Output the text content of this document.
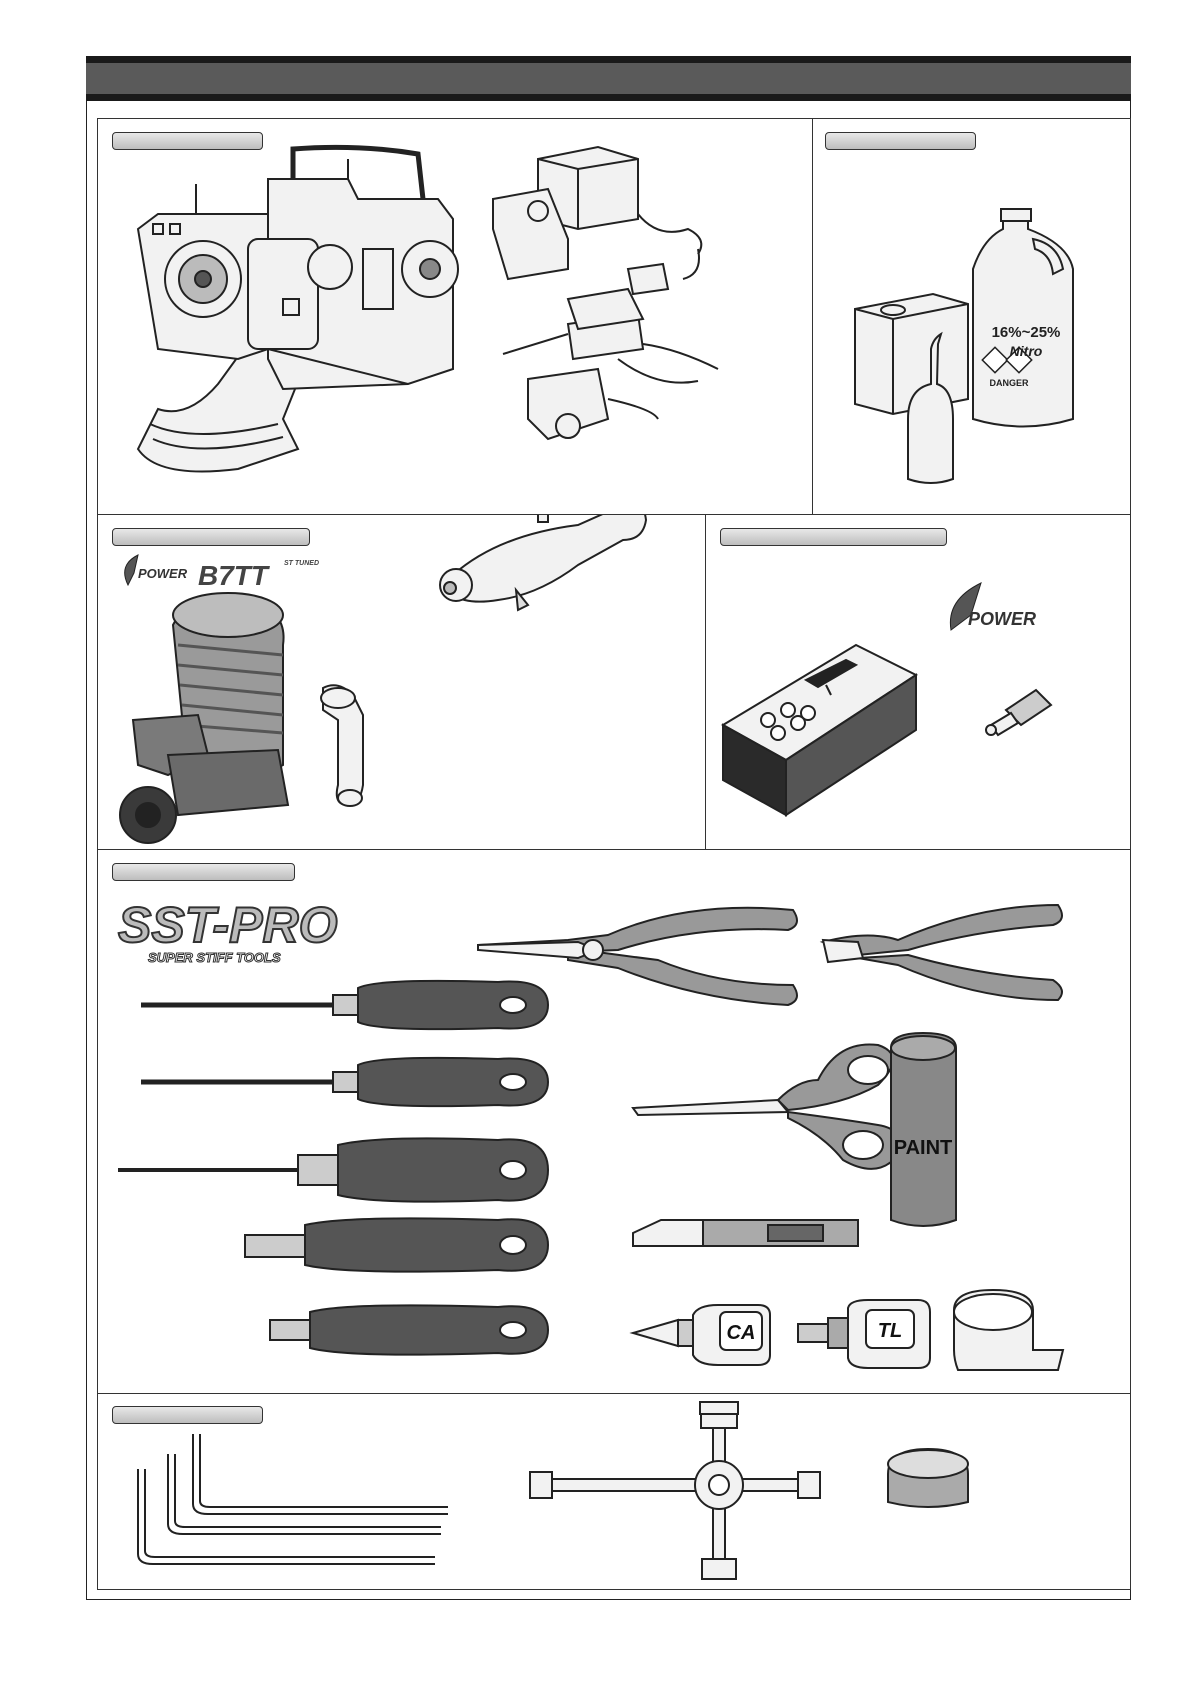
16%~25%
Nitro
DANGER
POWER B7TT	ST TUNED
POWER
SST-PRO
SUPER STIFF TOOLS
PAINT
CA	TL
